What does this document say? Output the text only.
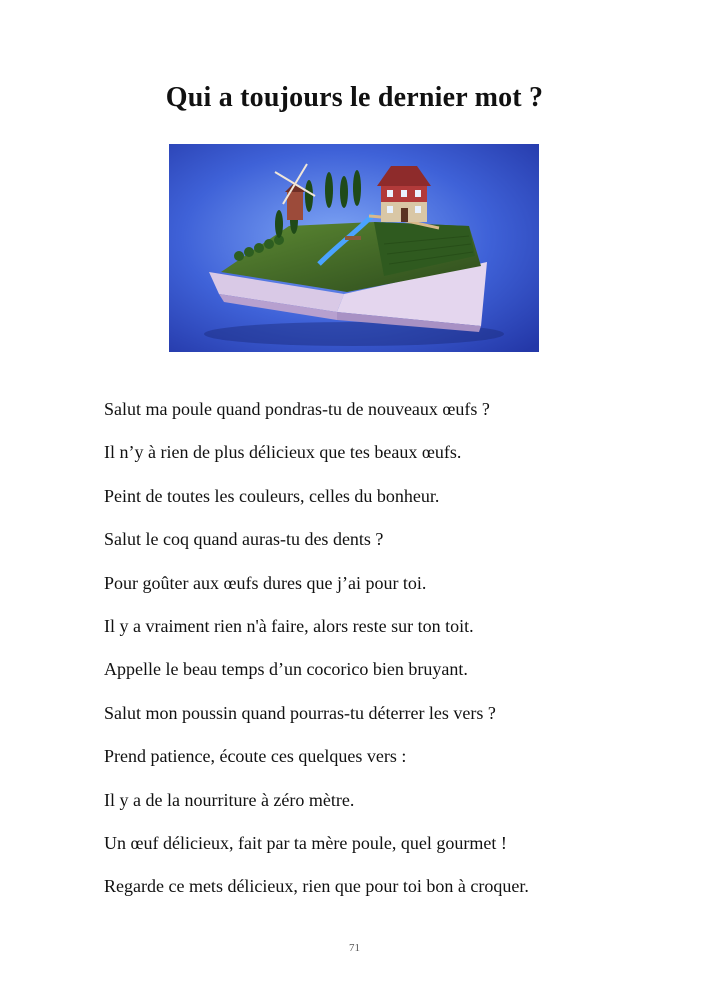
Qui a toujours le dernier mot ?
Salut ma poule quand pondras-tu de nouveaux œufs ?
Il n’y à rien de plus délicieux que tes beaux œufs.
Peint de toutes les couleurs, celles du bonheur.
Salut le coq quand auras-tu des dents ?
Pour goûter aux œufs dures que j’ai pour toi.
Il y a vraiment rien n'à faire, alors reste sur ton toit.
Appelle le beau temps d’un cocorico bien bruyant.
Salut mon poussin quand pourras-tu déterrer les vers ?
Prend patience, écoute ces quelques vers :
Il y a de la nourriture à zéro mètre.
Un œuf délicieux, fait par ta mère poule, quel gourmet !
Regarde ce mets délicieux, rien que pour toi bon à croquer.
71
